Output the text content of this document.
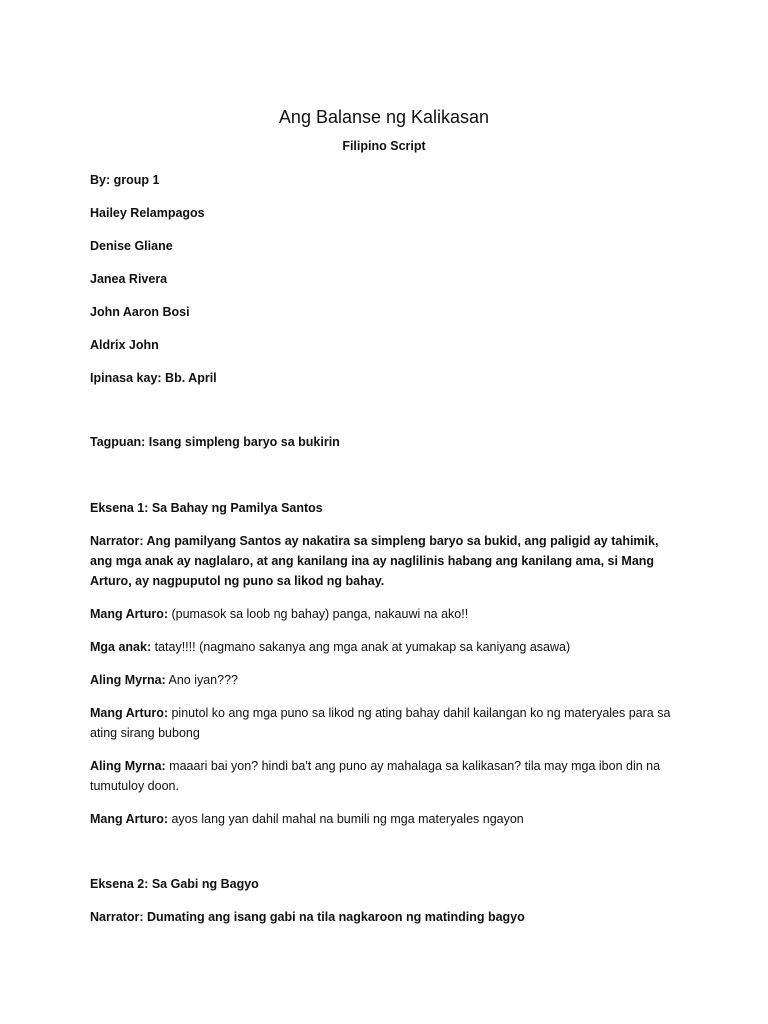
Ang Balanse ng Kalikasan

Filipino Script

By: group 1

Hailey Relampagos

Denise Gliane

Janea Rivera

John Aaron Bosi

Aldrix John

Ipinasa kay: Bb. April

Tagpuan: Isang simpleng baryo sa bukirin

Eksena 1: Sa Bahay ng Pamilya Santos

Narrator: Ang pamilyang Santos ay nakatira sa simpleng baryo sa bukid, ang paligid ay tahimik, ang mga anak ay naglalaro, at ang kanilang ina ay naglilinis habang ang kanilang ama, si Mang Arturo, ay nagpuputol ng puno sa likod ng bahay.

Mang Arturo: (pumasok sa loob ng bahay) panga, nakauwi na ako!!

Mga anak: tatay!!!! (nagmano sakanya ang mga anak at yumakap sa kaniyang asawa)

Aling Myrna: Ano iyan???

Mang Arturo: pinutol ko ang mga puno sa likod ng ating bahay dahil kailangan ko ng materyales para sa ating sirang bubong

Aling Myrna: maaari bai yon? hindi ba't ang puno ay mahalaga sa kalikasan? tila may mga ibon din na tumutuloy doon.

Mang Arturo: ayos lang yan dahil mahal na bumili ng mga materyales ngayon

Eksena 2: Sa Gabi ng Bagyo

Narrator: Dumating ang isang gabi na tila nagkaroon ng matinding bagyo
